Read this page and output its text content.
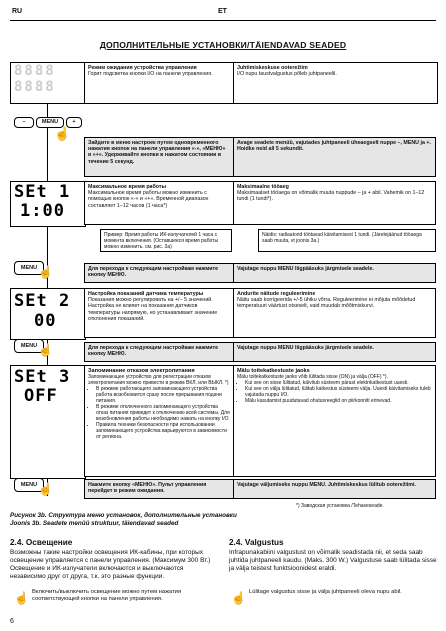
RU	ET
ДОПОЛНИТЕЛЬНЫЕ УСТАНОВКИ/TÄIENDAVAD SEADED
8888
8888
Режим ожидания устройства управления
Горит подсветка кнопки I/O на панели управления.
Juhtimiskeskuse ooterežiim
I/O nupu taustvalgustus põleb juhtpaneelil.
–	MENU	+
☝
Зайдите в меню настроек путем одновременного нажатия кнопок на панели управления «-», «МЕНЮ» и «+». Удерживайте кнопки в нажатом состоянии в течение 5 секунд.
Avage seadete menüü, vajutades juhtpaneeli üheaegselt nuppe –, MENU ja +. Hoidke neid all 5 sekundit.
SEt 1
1:00
Максимальное время работы
Максимальное время работы можно изменить с помощью кнопок «-» и «+». Временной диапазон составляет 1–12 часов (1 часа*)
Maksimaalne tööaeg
Maksimaalset tööaega on võimalik muuta nuppude – ja + abil. Vahemik on 1–12 tundi (1 tundi*).
Пример: Время работы ИК-излучателей 1 часа с момента включения. (Оставшееся время работы можно изменить. см. рис. 3а)
Näidis: radiaatorid töötavad käivitamisest 1 tundi. (Järelejäänud tööaega saab muuta, vt joonis 3a.)
MENU ☝	Для перехода к следующим настройкам нажмите кнопку МЕНЮ.
Vajutage nuppu MENU liigpääsuks järgmisele seadele.
SEt 2
00
Настройка показаний датчика температуры
Показания можно регулировать на +/− 5 значений. Настройка не влияет на показания датчиков температуры напрямую, но устанавливает значение отклонения показаний.
Andurite näitude reguleerimine
Näitu saab korrigeerida +/-5 ühiku võrra. Reguleerimine ei mõjuta mõõdetud temperatuuri väärtust otseselt, vaid muudab mõõtmiskurvi.
MENU ☝	Для перехода к следующим настройкам нажмите кнопку МЕНЮ.
Vajutage nuppu MENU liigpääsuks järgmisele seadele.
SEt 3
OFF
Запоминание отказов электропитания
Запоминающее устройство для регистрации отказов электропитания можно привести в режим ВКЛ. или ВЫКЛ. *)
• В режиме работающего запоминающего устройства работа возобновится сразу после прерывания подачи питания.
• В режиме отключенного запоминающего устройства отказ питания приведет к отключению всей системы. Для возобновления работы необходимо нажать на кнопку I/O
• Правила техники безопасности при использовании запоминающего устройства варьируются в зависимости от региона.
Mälu toitekatkestuste jaoks
Mälu toitekatkestuste jaoks võib lülitada sisse (ON) ja välja (OFF) *).
• Kui see on sisse lülitatud, käivitub süsteem pärast elektrikatkestust uuesti.
• Kui see on välja lülitatud, lülitab katkestus süsteemi välja. Uuesti käivitamiseks tuleb vajutada nuppu I/O.
• Mälu kasutamist puudutavad ohutusreeglid on piirkonniti erinevad.
MENU ☝	Нажмите кнопку «МЕНЮ». Пульт управления перейдет в режим ожидания.
Vajutage väljumiseks nuppu MENU. Juhtimiskeskus lülitub ooterežiimi.
*) Заводская установка /Tehaseseade.
Рисунок 3b. Структура меню установок, дополнительные установки
Joonis 3b. Seadete menüü struktuur, täiendavad seaded
2.4. Освещение
Возможны такие настройки освещения ИК-кабины, при которых освещение управляется с панели управления. (Максимум 300 Вт.) Освещение и ИК-излучатели включаются и выключаются независимо друг от друга, т.к. это разные функции.
☝ Включить/выключить освещение можно путем нажатия соответствующей кнопки на панели управления.
2.4. Valgustus
Infrapunakabiini valgustust on võimalik seadistada nii, et seda saab juhtida juhtpaneeli kaudu. (Maks. 300 W.) Valgustuse saab lülitada sisse ja välja teistest funktsioonidest eraldi.
☝ Lülitage valgustus sisse ja välja juhtpaneeli oleva nupu abil.
6
